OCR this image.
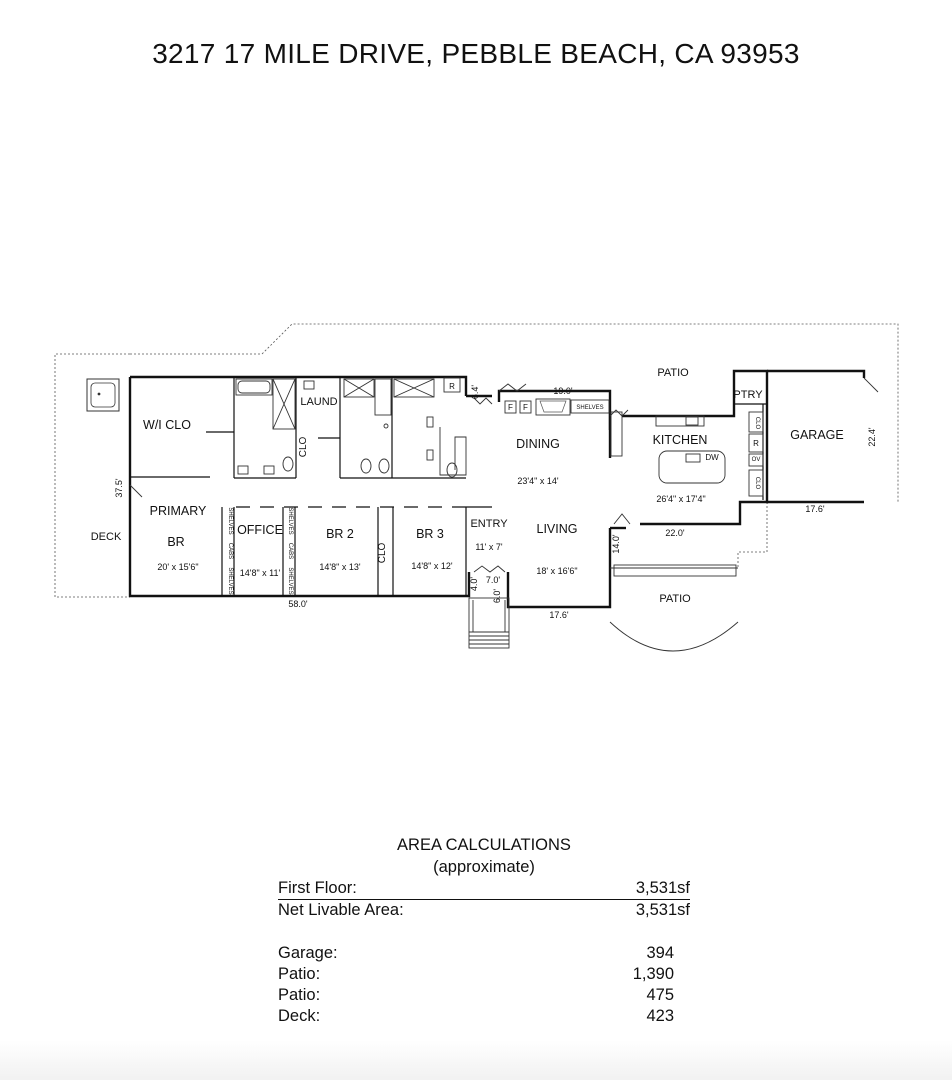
3217 17 MILE DRIVE, PEBBLE BEACH, CA 93953
R
F F	SHELVES
DW
R
CLO
OV
CLO
SHELVES
CABS
SHELVES
SHELVES
CABS
SHELVES
W/I CLO
LAUND
CLO	DINING
23'4" x 14'
KITCHEN
26'4" x 17'4"
GARAGE
PTRY
PATIO
PATIO
DECK
PRIMARY
BR
20' x 15'6"
OFFICE
14'8" x 11'
BR 2
14'8" x 13'
CLO
BR 3
14'8" x 12'
ENTRY
11' x 7'
LIVING
18' x 16'6"
37.5'
58.0'
6.4'	19.0'
22.4'
17.6'
22.0'
14.0'
7.0'
4.0'
6.0'
17.6'
AREA CALCULATIONS
(approximate)
First Floor:	3,531sf
Net Livable Area:	3,531sf
Garage:	394
Patio:	1,390
Patio:	475
Deck:	423
